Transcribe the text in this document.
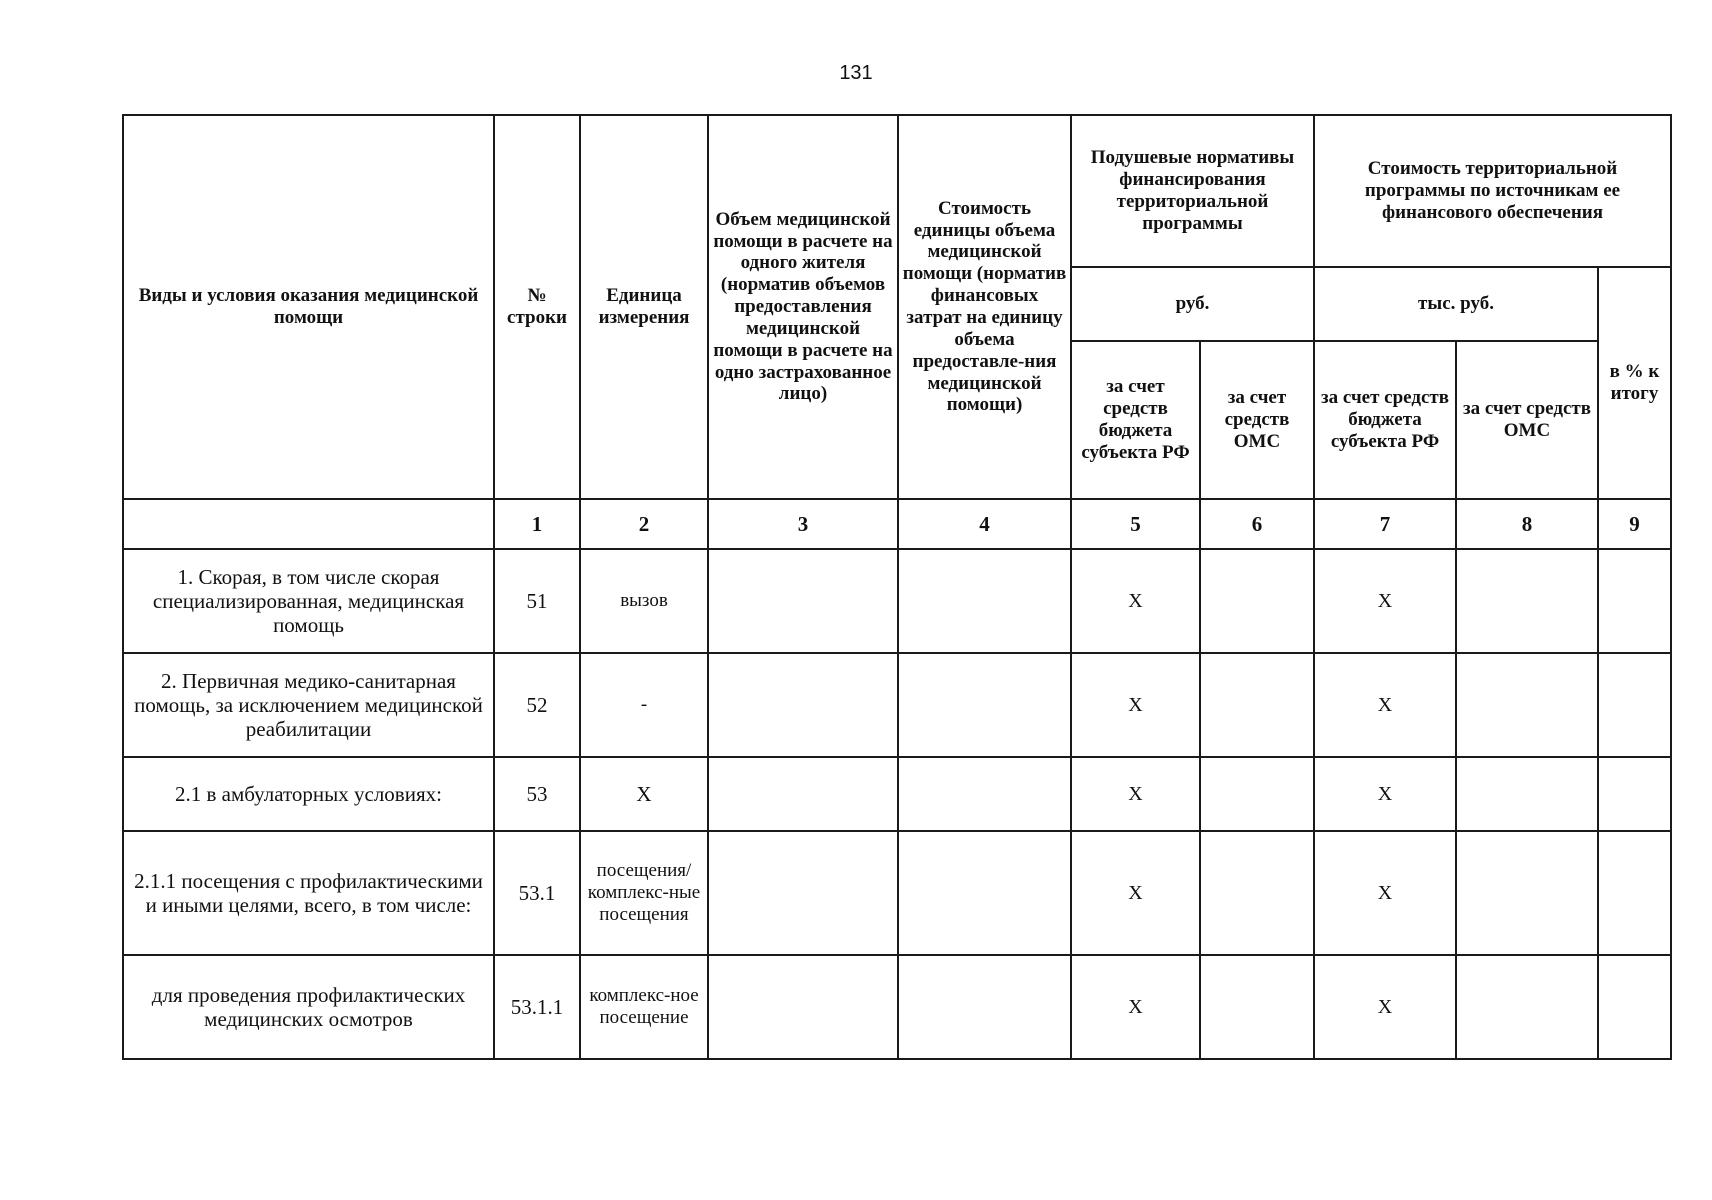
131
Виды и условия оказания медицинской помощи	№ строки	Единица измерения	Объем медицинской помощи в расчете на одного жителя (норматив объемов предоставления медицинской помощи в расчете на одно застрахованное лицо)	Стоимость единицы объема медицинской помощи (норматив финансовых затрат на единицу объема предоставле-ния медицинской помощи)	Подушевые нормативы финансирования территориальной программы		Стоимость территориальной программы по источникам ее финансового обеспечения		
					руб.		тыс. руб.		в % к итогу
					за счет средств бюджета субъекта РФ	за счет средств ОМС	за счет средств бюджета субъекта РФ	за счет средств ОМС	
	1	2	3	4	5	6	7	8	9
1. Скорая, в том числе скорая специализированная, медицинская помощь	51	вызов			Х		Х		
2. Первичная медико-санитарная помощь, за исключением медицинской реабилитации	52	-			Х		Х		
2.1 в амбулаторных условиях:	53	Х			Х		Х		
2.1.1 посещения с профилактическими и иными целями, всего, в том числе:	53.1	посещения/ комплекс-ные посещения			Х		Х		
для проведения профилактических медицинских осмотров	53.1.1	комплекс-ное посещение			Х		Х		
